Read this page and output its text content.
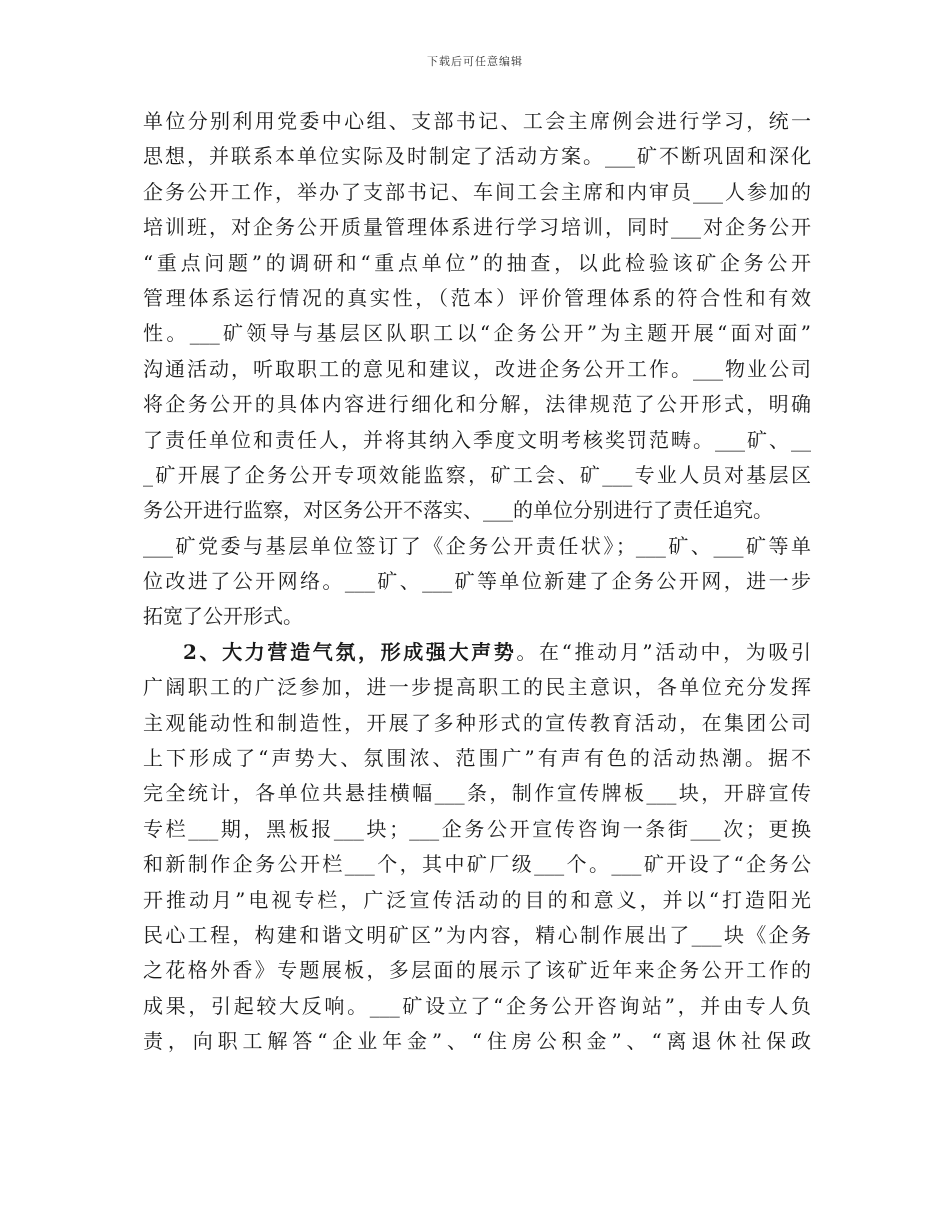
下载后可任意编辑
单位分别利用党委中心组、支部书记、工会主席例会进行学习，统一
思想，并联系本单位实际及时制定了活动方案。___矿不断巩固和深化
企务公开工作，举办了支部书记、车间工会主席和内审员___人参加的
培训班，对企务公开质量管理体系进行学习培训，同时___对企务公开
“重点问题”的调研和“重点单位”的抽查，以此检验该矿企务公开
管理体系运行情况的真实性，（范本）评价管理体系的符合性和有效
性。___矿领导与基层区队职工以“企务公开”为主题开展“面对面”
沟通活动，听取职工的意见和建议，改进企务公开工作。___物业公司
将企务公开的具体内容进行细化和分解，法律规范了公开形式，明确
了责任单位和责任人，并将其纳入季度文明考核奖罚范畴。___矿、__
_矿开展了企务公开专项效能监察，矿工会、矿___专业人员对基层区
务公开进行监察，对区务公开不落实、___的单位分别进行了责任追究。
___矿党委与基层单位签订了《企务公开责任状》；___矿、___矿等单
位改进了公开网络。___矿、___矿等单位新建了企务公开网，进一步
拓宽了公开形式。
2、大力营造气氛，形成强大声势。在“推动月”活动中，为吸引
广阔职工的广泛参加，进一步提高职工的民主意识，各单位充分发挥
主观能动性和制造性，开展了多种形式的宣传教育活动，在集团公司
上下形成了“声势大、氛围浓、范围广”有声有色的活动热潮。据不
完全统计，各单位共悬挂横幅___条，制作宣传牌板___块，开辟宣传
专栏___期，黑板报___块；___企务公开宣传咨询一条街___次；更换
和新制作企务公开栏___个，其中矿厂级___个。___矿开设了“企务公
开推动月”电视专栏，广泛宣传活动的目的和意义，并以“打造阳光
民心工程，构建和谐文明矿区”为内容，精心制作展出了___块《企务
之花格外香》专题展板，多层面的展示了该矿近年来企务公开工作的
成果，引起较大反响。___矿设立了“企务公开咨询站”，并由专人负
责，向职工解答“企业年金”、“住房公积金”、“离退休社保政
